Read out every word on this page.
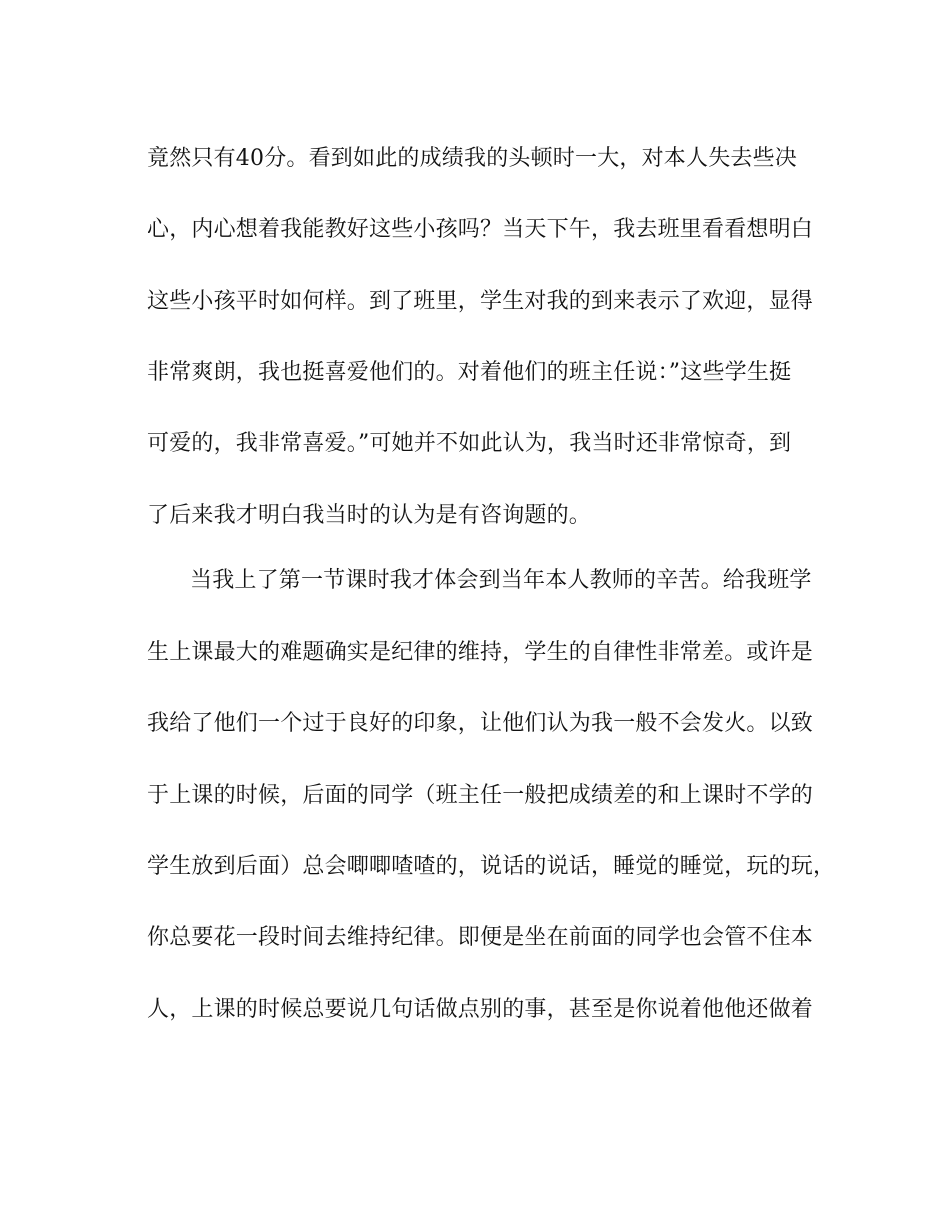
竟然只有40分。看到如此的成绩我的头顿时一大，对本人失去些决
心，内心想着我能教好这些小孩吗？当天下午，我去班里看看想明白
这些小孩平时如何样。到了班里，学生对我的到来表示了欢迎，显得
非常爽朗，我也挺喜爱他们的。对着他们的班主任说：”这些学生挺
可爱的，我非常喜爱。”可她并不如此认为，我当时还非常惊奇，到
了后来我才明白我当时的认为是有咨询题的。
当我上了第一节课时我才体会到当年本人教师的辛苦。给我班学
生上课最大的难题确实是纪律的维持，学生的自律性非常差。或许是
我给了他们一个过于良好的印象，让他们认为我一般不会发火。以致
于上课的时候，后面的同学（班主任一般把成绩差的和上课时不学的
学生放到后面）总会唧唧喳喳的，说话的说话，睡觉的睡觉，玩的玩，
你总要花一段时间去维持纪律。即便是坐在前面的同学也会管不住本
人，上课的时候总要说几句话做点别的事，甚至是你说着他他还做着
